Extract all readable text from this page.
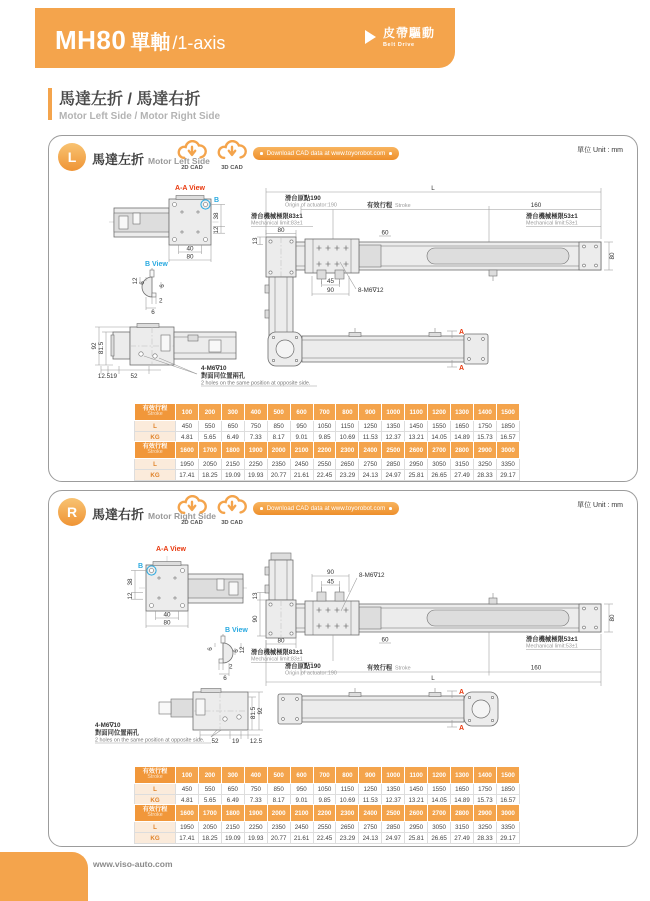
MH80 單軸 /1-axis	皮帶驅動
Belt Drive
馬達左折 / 馬達右折

Motor Left Side / Motor Right Side

L	馬達左折 Motor Left Side
2D CAD	3D CAD
Download CAD data at www.toyorobot.com	單位 Unit : mm
A-A View
B
38
12
40
80
B View
12 6
6
2
6
L
滑台原點190
Origin of actuator:190	有效行程 Stroke	160
滑台機械極限83±1
Mechanical limit:83±1
滑台機械極限53±1
Mechanical limit:53±1
80
13
60
45
90	8-M6∇12
80
92 81.5
12.5 19 52
4-M6∇10
對面同位置兩孔
2 holes on the same position at opposite side.
A
A
有效行程
Stroke	100	200	300	400	500	600	700	800	900	1000	1100	1200	1300	1400	1500
L	450	550	650	750	850	950	1050	1150	1250	1350	1450	1550	1650	1750	1850
KG	4.81	5.65	6.49	7.33	8.17	9.01	9.85	10.69	11.53	12.37	13.21	14.05	14.89	15.73	16.57
有效行程
Stroke	1600	1700	1800	1900	2000	2100	2200	2300	2400	2500	2600	2700	2800	2900	3000
L	1950	2050	2150	2250	2350	2450	2550	2650	2750	2850	2950	3050	3150	3250	3350
KG	17.41	18.25	19.09	19.93	20.77	21.61	22.45	23.29	24.13	24.97	25.81	26.65	27.49	28.33	29.17
R	馬達右折 Motor Right Side
2D CAD	3D CAD
Download CAD data at www.toyorobot.com	單位 Unit : mm
A-A View
B
38
12
40
80
B View
6
6 12
2
6
90
45
8-M6∇12
13
90
80	60
滑台機械極限83±1
Mechanical limit:83±1
滑台機械極限53±1
Mechanical limit:53±1
滑台原點190
Origin of actuator:190
有效行程 Stroke	160
L
80
4-M6∇10
對面同位置兩孔
2 holes on the same position at opposite side.
81.5 92
52 19 12.5
A
A
有效行程
Stroke	100	200	300	400	500	600	700	800	900	1000	1100	1200	1300	1400	1500
L	450	550	650	750	850	950	1050	1150	1250	1350	1450	1550	1650	1750	1850
KG	4.81	5.65	6.49	7.33	8.17	9.01	9.85	10.69	11.53	12.37	13.21	14.05	14.89	15.73	16.57
有效行程
Stroke	1600	1700	1800	1900	2000	2100	2200	2300	2400	2500	2600	2700	2800	2900	3000
L	1950	2050	2150	2250	2350	2450	2550	2650	2750	2850	2950	3050	3150	3250	3350
KG	17.41	18.25	19.09	19.93	20.77	21.61	22.45	23.29	24.13	24.97	25.81	26.65	27.49	28.33	29.17
www.viso-auto.com
